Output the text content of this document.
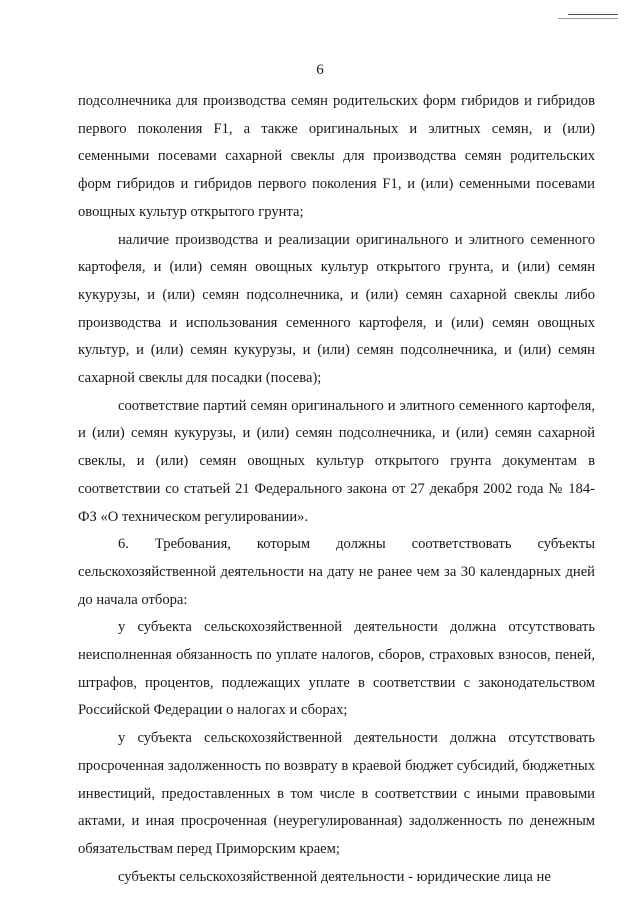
6

подсолнечника для производства семян родительских форм гибридов и гибридов первого поколения F1, а также оригинальных и элитных семян, и (или) семенными посевами сахарной свеклы для производства семян родительских форм гибридов и гибридов первого поколения F1, и (или) семенными посевами овощных культур открытого грунта;

наличие производства и реализации оригинального и элитного семенного картофеля, и (или) семян овощных культур открытого грунта, и (или) семян кукурузы, и (или) семян подсолнечника, и (или) семян сахарной свеклы либо производства и использования семенного картофеля, и (или) семян овощных культур, и (или) семян кукурузы, и (или) семян подсолнечника, и (или) семян сахарной свеклы для посадки (посева);

соответствие партий семян оригинального и элитного семенного картофеля, и (или) семян кукурузы, и (или) семян подсолнечника, и (или) семян сахарной свеклы, и (или) семян овощных культур открытого грунта документам в соответствии со статьей 21 Федерального закона от 27 декабря 2002 года № 184-ФЗ «О техническом регулировании».

6. Требования, которым должны соответствовать субъекты сельскохозяйственной деятельности на дату не ранее чем за 30 календарных дней до начала отбора:

у субъекта сельскохозяйственной деятельности должна отсутствовать неисполненная обязанность по уплате налогов, сборов, страховых взносов, пеней, штрафов, процентов, подлежащих уплате в соответствии с законодательством Российской Федерации о налогах и сборах;

у субъекта сельскохозяйственной деятельности должна отсутствовать просроченная задолженность по возврату в краевой бюджет субсидий, бюджетных инвестиций, предоставленных в том числе в соответствии с иными правовыми актами, и иная просроченная (неурегулированная) задолженность по денежным обязательствам перед Приморским краем;

субъекты сельскохозяйственной деятельности - юридические лица не
